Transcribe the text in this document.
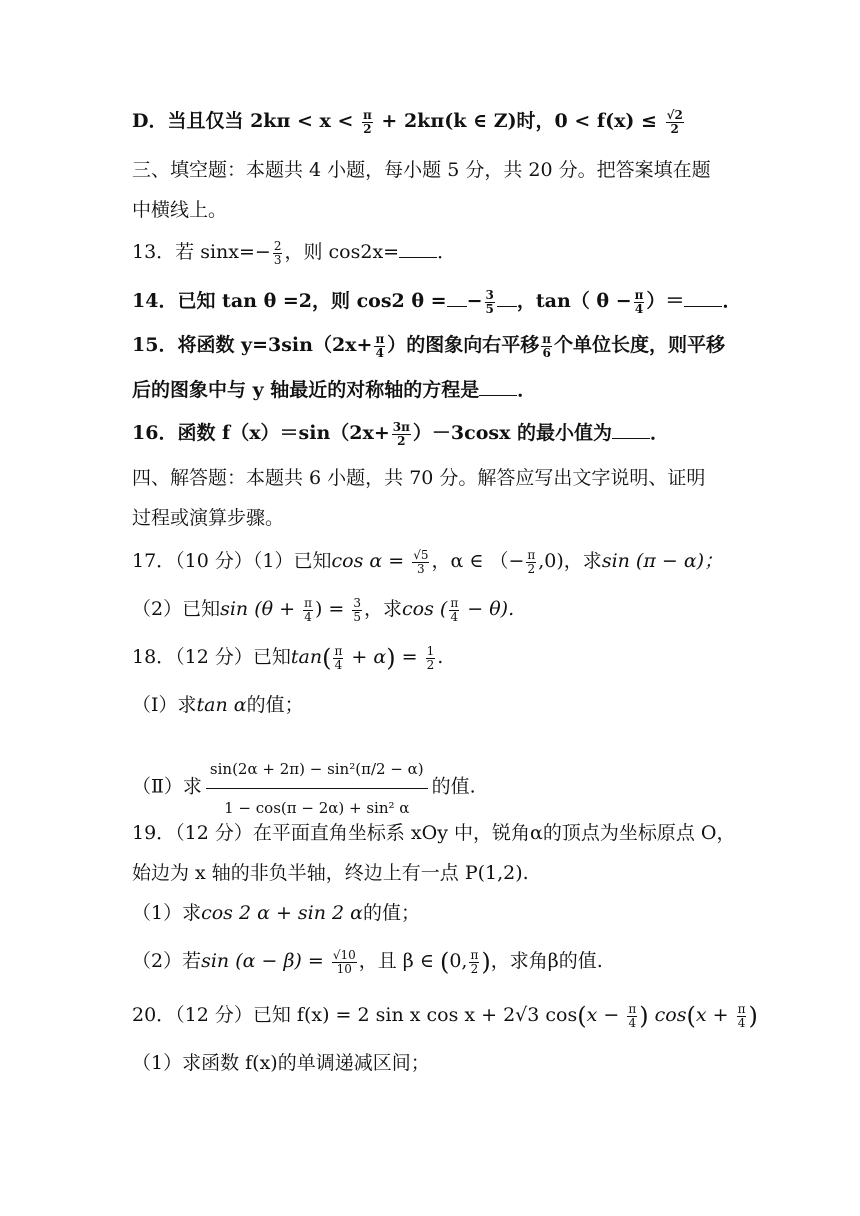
D．当且仅当 $2k\pi < x < \frac{\pi}{2} + 2k\pi(k$ ∈ Z)时，$0 < f(x) \le \frac{√2}{2}$
三、填空题：本题共 4 小题，每小题 5 分，共 20 分。把答案填在题
中横线上。
13．若 $\sin x=- \frac{2}{3}$ ，则 cos2x= ．
14．已知 tan θ =2，则 cos2 θ = − $\frac{3}{5}$ ，tan（ $\theta - \frac{\pi}{4}$ ）＝ ．
15．将函数 $y=3\sin(2x+ \frac{\pi}{4}$ ）的图象向右平移 $\frac{\pi}{6}$ 个单位长度，则平移
后的图象中与 y 轴最近的对称轴的方程是 ．
16．函数 $f(x)=\sin(2x+ \frac{3\pi}{2} )-3\cos x$ 的最小值为 ．
四、解答题：本题共 6 小题，共 70 分。解答应写出文字说明、证明
过程或演算步骤。
17．（10 分）（1）已知$\cos \alpha = \frac{√5}{3}$ ，α ∈ （− $\frac{\pi}{2} ,0$)，求sin (π − α)；
（2）已知$\sin (\theta + \frac{\pi}{4}$ ) = $\frac{3}{5}$ ，求cos ( $\frac{\pi}{4} - \theta$).
18．（12 分）已知$\tan( \frac{\pi}{4} + \alpha) = \frac{1}{2}$ .
（Ⅰ）求tan α的值；
（Ⅱ）求 $\frac{\text{sin(2α + 2π) − sin²(π/2 − α)}}{\text{1 − cos(π − 2α) + sin² α}}$ 的值.
19．（12 分）在平面直角坐标系 xOy 中，锐角α的顶点为坐标原点 O，
始边为 x 轴的非负半轴，终边上有一点 P(1,2).
（1）求cos 2 α + sin 2 α的值；
（2）若$\sin (\alpha - \beta) = \frac{√10}{10}$ ，且 β ∈ (0, $\frac{\pi}{2}$ )，求角β的值.
20．（12 分）已知 f(x) = 2 sin x cos x + 2√3 $\cos(x - \frac{\pi}{4}$ ) $\cos(x + \frac{\pi}{4}$ )
（1）求函数 f(x)的单调递减区间；
